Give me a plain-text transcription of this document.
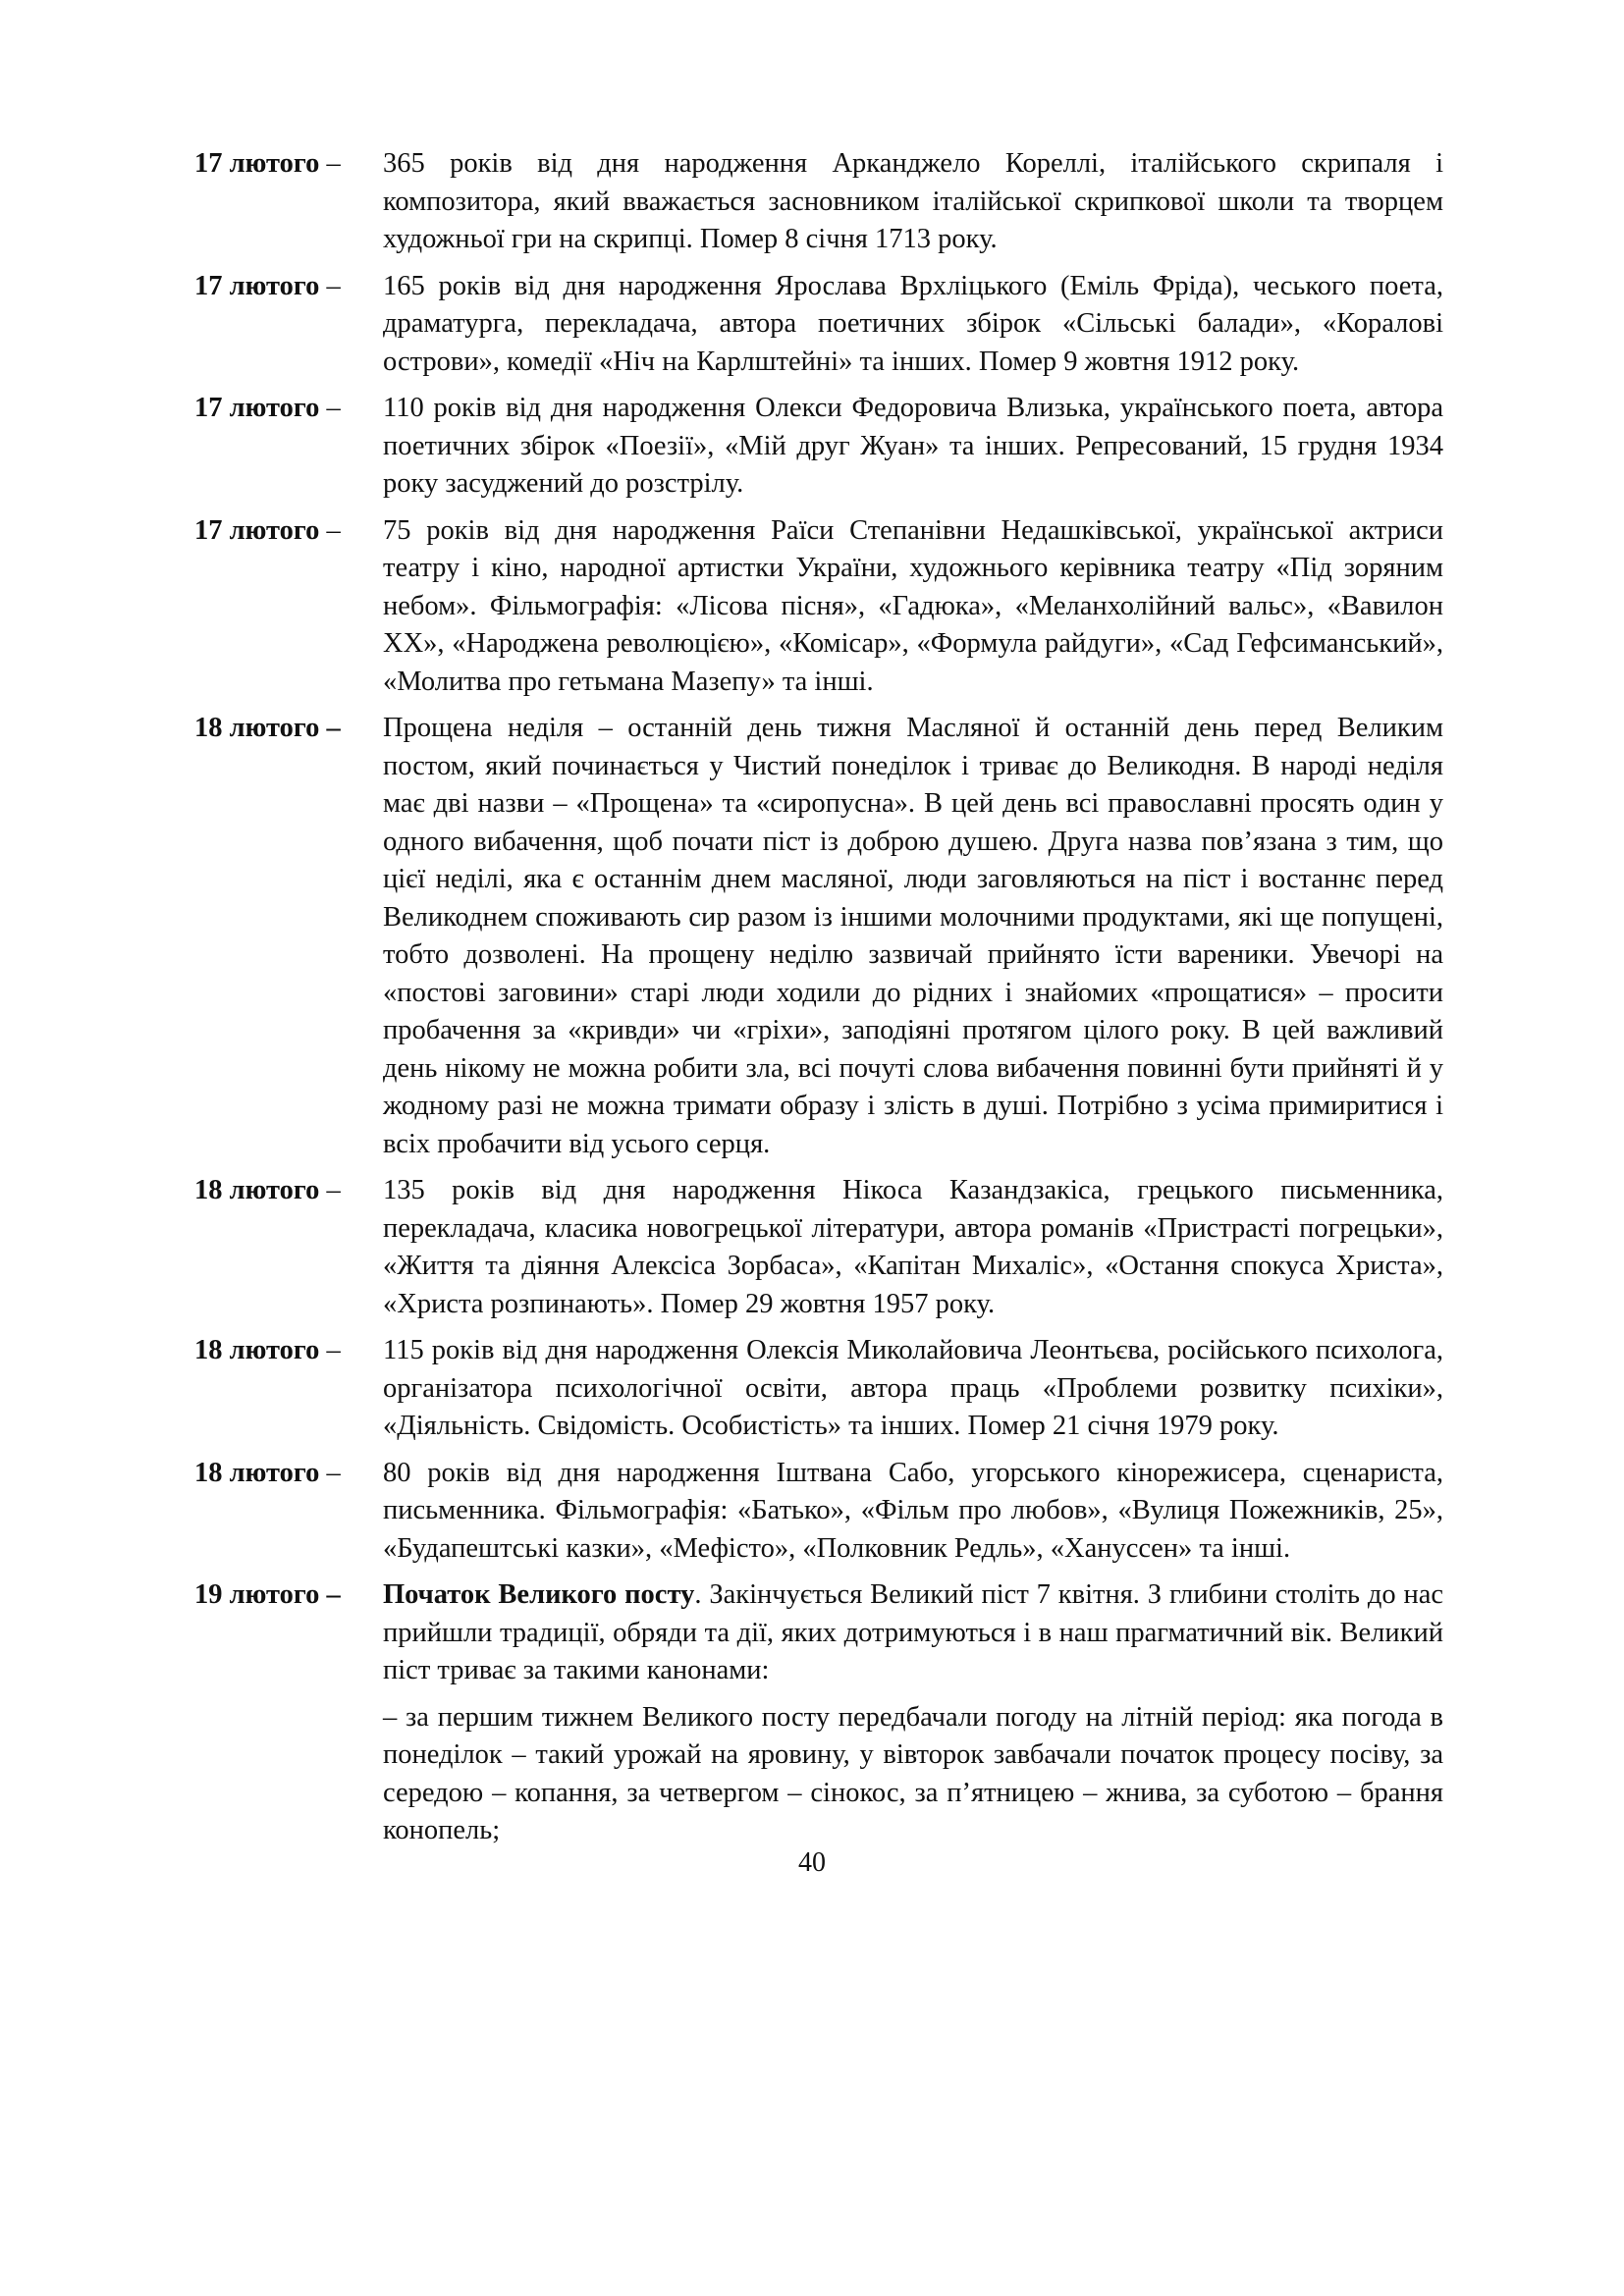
17 лютого – 365 років від дня народження Арканджело Кореллі, італійського скрипаля і композитора, який вважається засновником італійської скрипкової школи та творцем художньої гри на скрипці. Помер 8 січня 1713 року.
17 лютого – 165 років від дня народження Ярослава Врхліцького (Еміль Фріда), чеського поета, драматурга, перекладача, автора поетичних збірок «Сільські балади», «Коралові острови», комедії «Ніч на Карлштейні» та інших. Помер 9 жовтня 1912 року.
17 лютого – 110 років від дня народження Олекси Федоровича Влизька, українського поета, автора поетичних збірок «Поезії», «Мій друг Жуан» та інших. Репресований, 15 грудня 1934 року засуджений до розстрілу.
17 лютого – 75 років від дня народження Раїси Степанівни Недашківської, української актриси театру і кіно, народної артистки України, художнього керівника театру «Під зоряним небом». Фільмографія: «Лісова пісня», «Гадюка», «Меланхолійний вальс», «Вавилон ХХ», «Народжена революцією», «Комісар», «Формула райдуги», «Сад Гефсиманський», «Молитва про гетьмана Мазепу» та інші.
18 лютого – Прощена неділя – останній день тижня Масляної й останній день перед Великим постом, який починається у Чистий понеділок і триває до Великодня. В народі неділя має дві назви – «Прощена» та «сиропусна». В цей день всі православні просять один у одного вибачення, щоб почати піст із доброю душею. Друга назва пов’язана з тим, що цієї неділі, яка є останнім днем масляної, люди заговляються на піст і востаннє перед Великоднем споживають сир разом із іншими молочними продуктами, які ще попущені, тобто дозволені. На прощену неділю зазвичай прийнято їсти вареники. Увечорі на «постові заговини» старі люди ходили до рідних і знайомих «прощатися» – просити пробачення за «кривди» чи «гріхи», заподіяні протягом цілого року. В цей важливий день нікому не можна робити зла, всі почуті слова вибачення повинні бути прийняті й у жодному разі не можна тримати образу і злість в душі. Потрібно з усіма примиритися і всіх пробачити від усього серця.
18 лютого – 135 років від дня народження Нікоса Казандзакіса, грецького письменника, перекладача, класика новогрецької літератури, автора романів «Пристрасті погрецьки», «Життя та діяння Алексіса Зорбаса», «Капітан Михаліс», «Остання спокуса Христа», «Христа розпинають». Помер 29 жовтня 1957 року.
18 лютого – 115 років від дня народження Олексія Миколайовича Леонтьєва, російського психолога, організатора психологічної освіти, автора праць «Проблеми розвитку психіки», «Діяльність. Свідомість. Особистість» та інших. Помер 21 січня 1979 року.
18 лютого – 80 років від дня народження Іштвана Сабо, угорського кінорежисера, сценариста, письменника. Фільмографія: «Батько», «Фільм про любов», «Вулиця Пожежників, 25», «Будапештські казки», «Мефісто», «Полковник Редль», «Ханусcен» та інші.
19 лютого – Початок Великого посту. Закінчується Великий піст 7 квітня. З глибини століть до нас прийшли традиції, обряди та дії, яких дотримуються і в наш прагматичний вік. Великий піст триває за такими канонами:
– за першим тижнем Великого посту передбачали погоду на літній період: яка погода в понеділок – такий урожай на яровину, у вівторок завбачали початок процесу посіву, за середою – копання, за четвергом – сінокос, за п’ятницею – жнива, за суботою – брання конопель;
40
